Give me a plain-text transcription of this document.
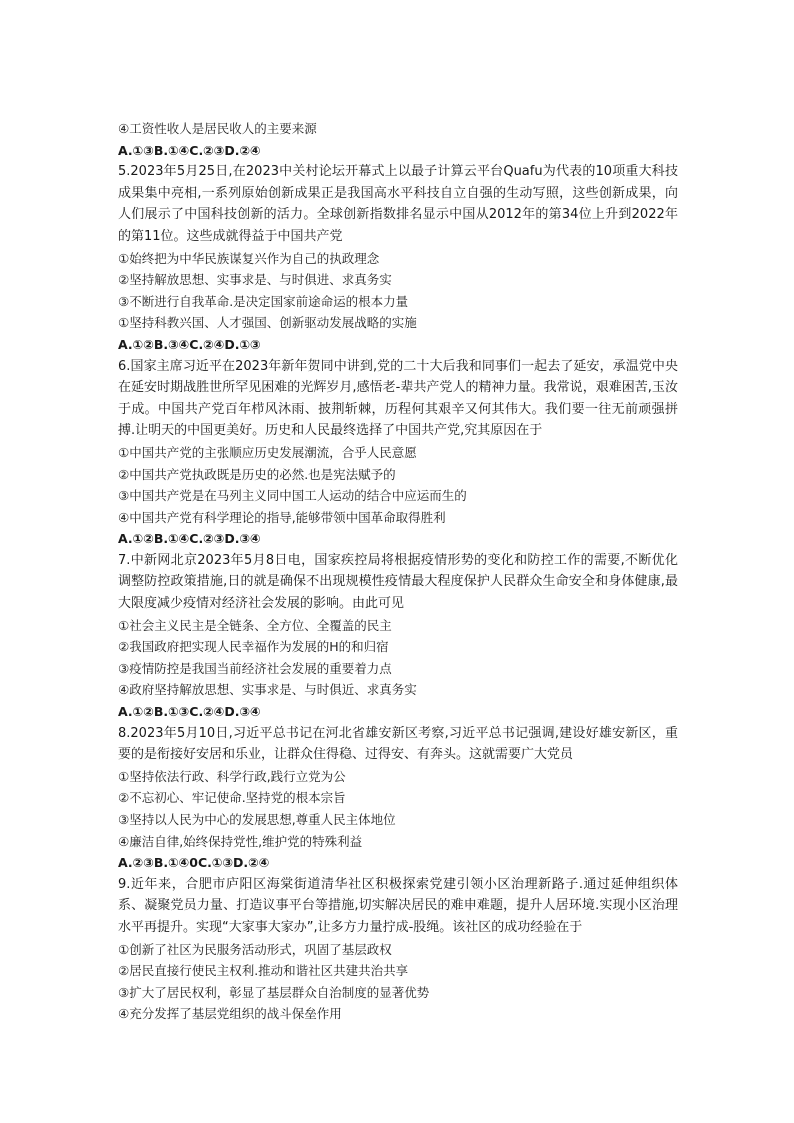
④工资性收人是居民收人的主要来源
A.①③B.①④C.②③D.②④
5.2023年5月25日,在2023中关村论坛开幕式上以最子计算云平台Quafu为代表的10项重大科技成果集中亮相,一系列原始创新成果正是我国高水平科技自立自强的生动写照，这些创新成果，向人们展示了中国科技创新的活力。全球创新指数排名显示中国从2012年的第34位上升到2022年的第11位。这些成就得益于中国共产党
①始终把为中华民族谋复兴作为自己的执政理念
②坚持解放思想、实事求是、与时俱进、求真务实
③不断进行自我革命.是决定国家前途命运的根本力量
①坚持科教兴国、人才强国、创新驱动发展战略的实施
A.①②B.③④C.②④D.①③
6.国家主席习近平在2023年新年贺同中讲到,党的二十大后我和同事们一起去了延安，承温党中央在延安时期战胜世所罕见困难的光辉岁月,感悟老-辈共产党人的精神力量。我常说，艰难困苦,玉汝于成。中国共产党百年栉风沐雨、披荆斩棘，历程何其艰辛又何其伟大。我们要一往无前顽强拼搏.让明天的中国更美好。历史和人民最终选择了中国共产党,究其原因在于
①中国共产党的主张顺应历史发展潮流，合乎人民意愿
②中国共产党执政既是历史的必然.也是宪法赋予的
③中国共产党是在马列主义同中国工人运动的结合中应运而生的
④中国共产党有科学理论的指导,能够带领中国革命取得胜利
A.①②B.①④C.②③D.③④
7.中新网北京2023年5月8日电，国家疾控局将根据疫情形势的变化和防控工作的需要,不断优化调整防控政策措施,日的就是确保不出现规模性疫情最大程度保护人民群众生命安全和身体健康,最大限度减少疫情对经济社会发展的影响。由此可见
①社会主义民主是全链条、全方位、全覆盖的民主
②我国政府把实现人民幸福作为发展的H的和归宿
③疫情防控是我国当前经济社会发展的重要着力点
④政府坚持解放思想、实事求是、与时俱近、求真务实
A.①②B.①③C.②④D.③④
8.2023年5月10日,习近平总书记在河北省雄安新区考察,习近平总书记强调,建设好雄安新区，重要的是衔接好安居和乐业，让群众住得稳、过得安、有奔头。这就需要广大党员
①坚持依法行政、科学行政,践行立党为公
②不忘初心、牢记使命.坚持党的根本宗旨
③坚持以人民为中心的发展思想,尊重人民主体地位
④廉洁自律,始终保持党性,维护党的特殊利益
A.②③B.①④0C.①③D.②④
9.近年来，合肥市庐阳区海棠街道清华社区积极探索党建引领小区治理新路子.通过延伸组织体系、凝聚党员力量、打造议事平台等措施,切实解决居民的难申难题，提升人居环境.实现小区治理水平再提升。实现“大家事大家办”,让多方力量拧成-股绳。该社区的成功经验在于
①创新了社区为民服务活动形式，巩固了基层政权
②居民直接行使民主权利.推动和谐社区共建共治共享
③扩大了居民权利，彰显了基层群众自治制度的显著优势
④充分发挥了基层党组织的战斗保垒作用
